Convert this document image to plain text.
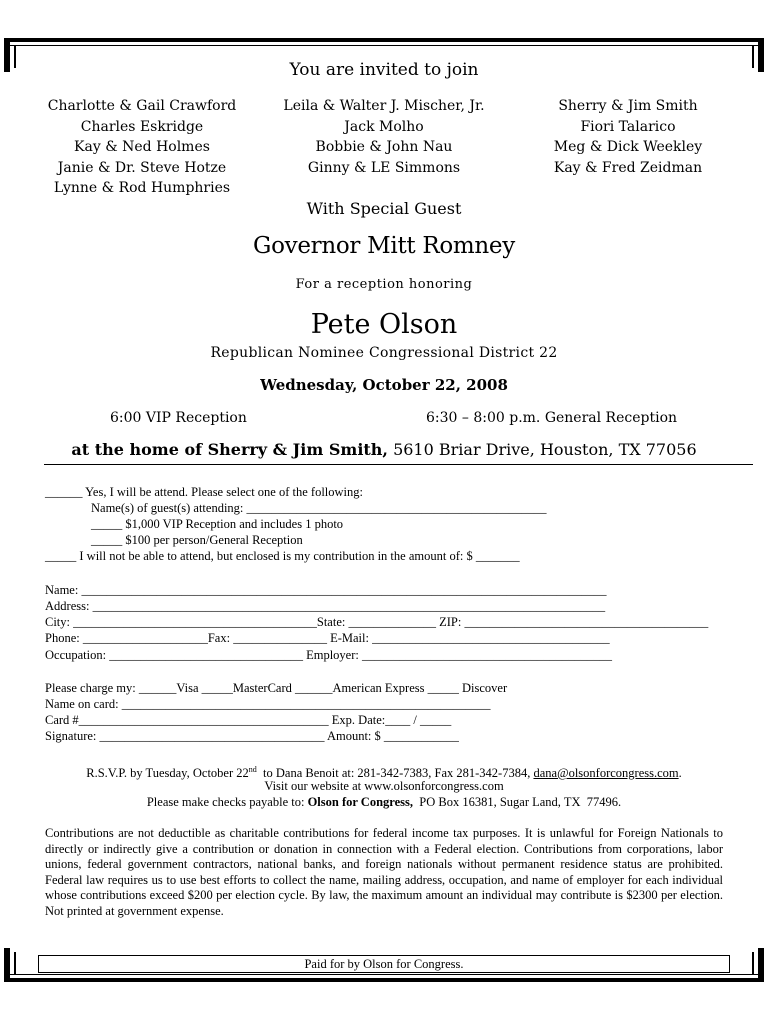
You are invited to join
Charlotte & Gail Crawford
Charles Eskridge
Kay & Ned Holmes
Janie & Dr. Steve Hotze
Lynne & Rod Humphries
Leila & Walter J. Mischer, Jr.
Jack Molho
Bobbie & John Nau
Ginny & LE Simmons
Sherry & Jim Smith
Fiori Talarico
Meg & Dick Weekley
Kay & Fred Zeidman
With Special Guest
Governor Mitt Romney
For a reception honoring
Pete Olson
Republican Nominee Congressional District 22
Wednesday, October 22, 2008
6:00 VIP Reception	6:30 – 8:00 p.m. General Reception
at the home of Sherry & Jim Smith, 5610 Briar Drive, Houston, TX 77056

______ Yes, I will be attend. Please select one of the following:

Name(s) of guest(s) attending: ________________________________________________

_____ $1,000 VIP Reception and includes 1 photo

_____ $100 per person/General Reception

_____ I will not be able to attend, but enclosed is my contribution in the amount of: $ _______

Name: ____________________________________________________________________________________

Address: __________________________________________________________________________________

City: _______________________________________State: ______________ ZIP: _______________________________________

Phone: ____________________Fax: _______________ E-Mail: ______________________________________

Occupation: _______________________________ Employer: ________________________________________

Please charge my: ______Visa _____MasterCard ______American Express _____ Discover

Name on card: ___________________________________________________________

Card #________________________________________ Exp. Date:____ / _____

Signature: ____________________________________ Amount: $ ____________

R.S.V.P. by Tuesday, October 22nd  to Dana Benoit at: 281-342-7383, Fax 281-342-7384, dana@olsonforcongress.com.
Visit our website at www.olsonforcongress.com
Please make checks payable to: Olson for Congress,  PO Box 16381, Sugar Land, TX  77496.
Contributions are not deductible as charitable contributions for federal income tax purposes. It is unlawful for Foreign Nationals to directly or indirectly give a contribution or donation in connection with a Federal election. Contributions from corporations, labor unions, federal government contractors, national banks, and foreign nationals without permanent residence status are prohibited. Federal law requires us to use best efforts to collect the name, mailing address, occupation, and name of employer for each individual whose contributions exceed $200 per election cycle. By law, the maximum amount an individual may contribute is $2300 per election. Not printed at government expense.
Paid for by Olson for Congress.
